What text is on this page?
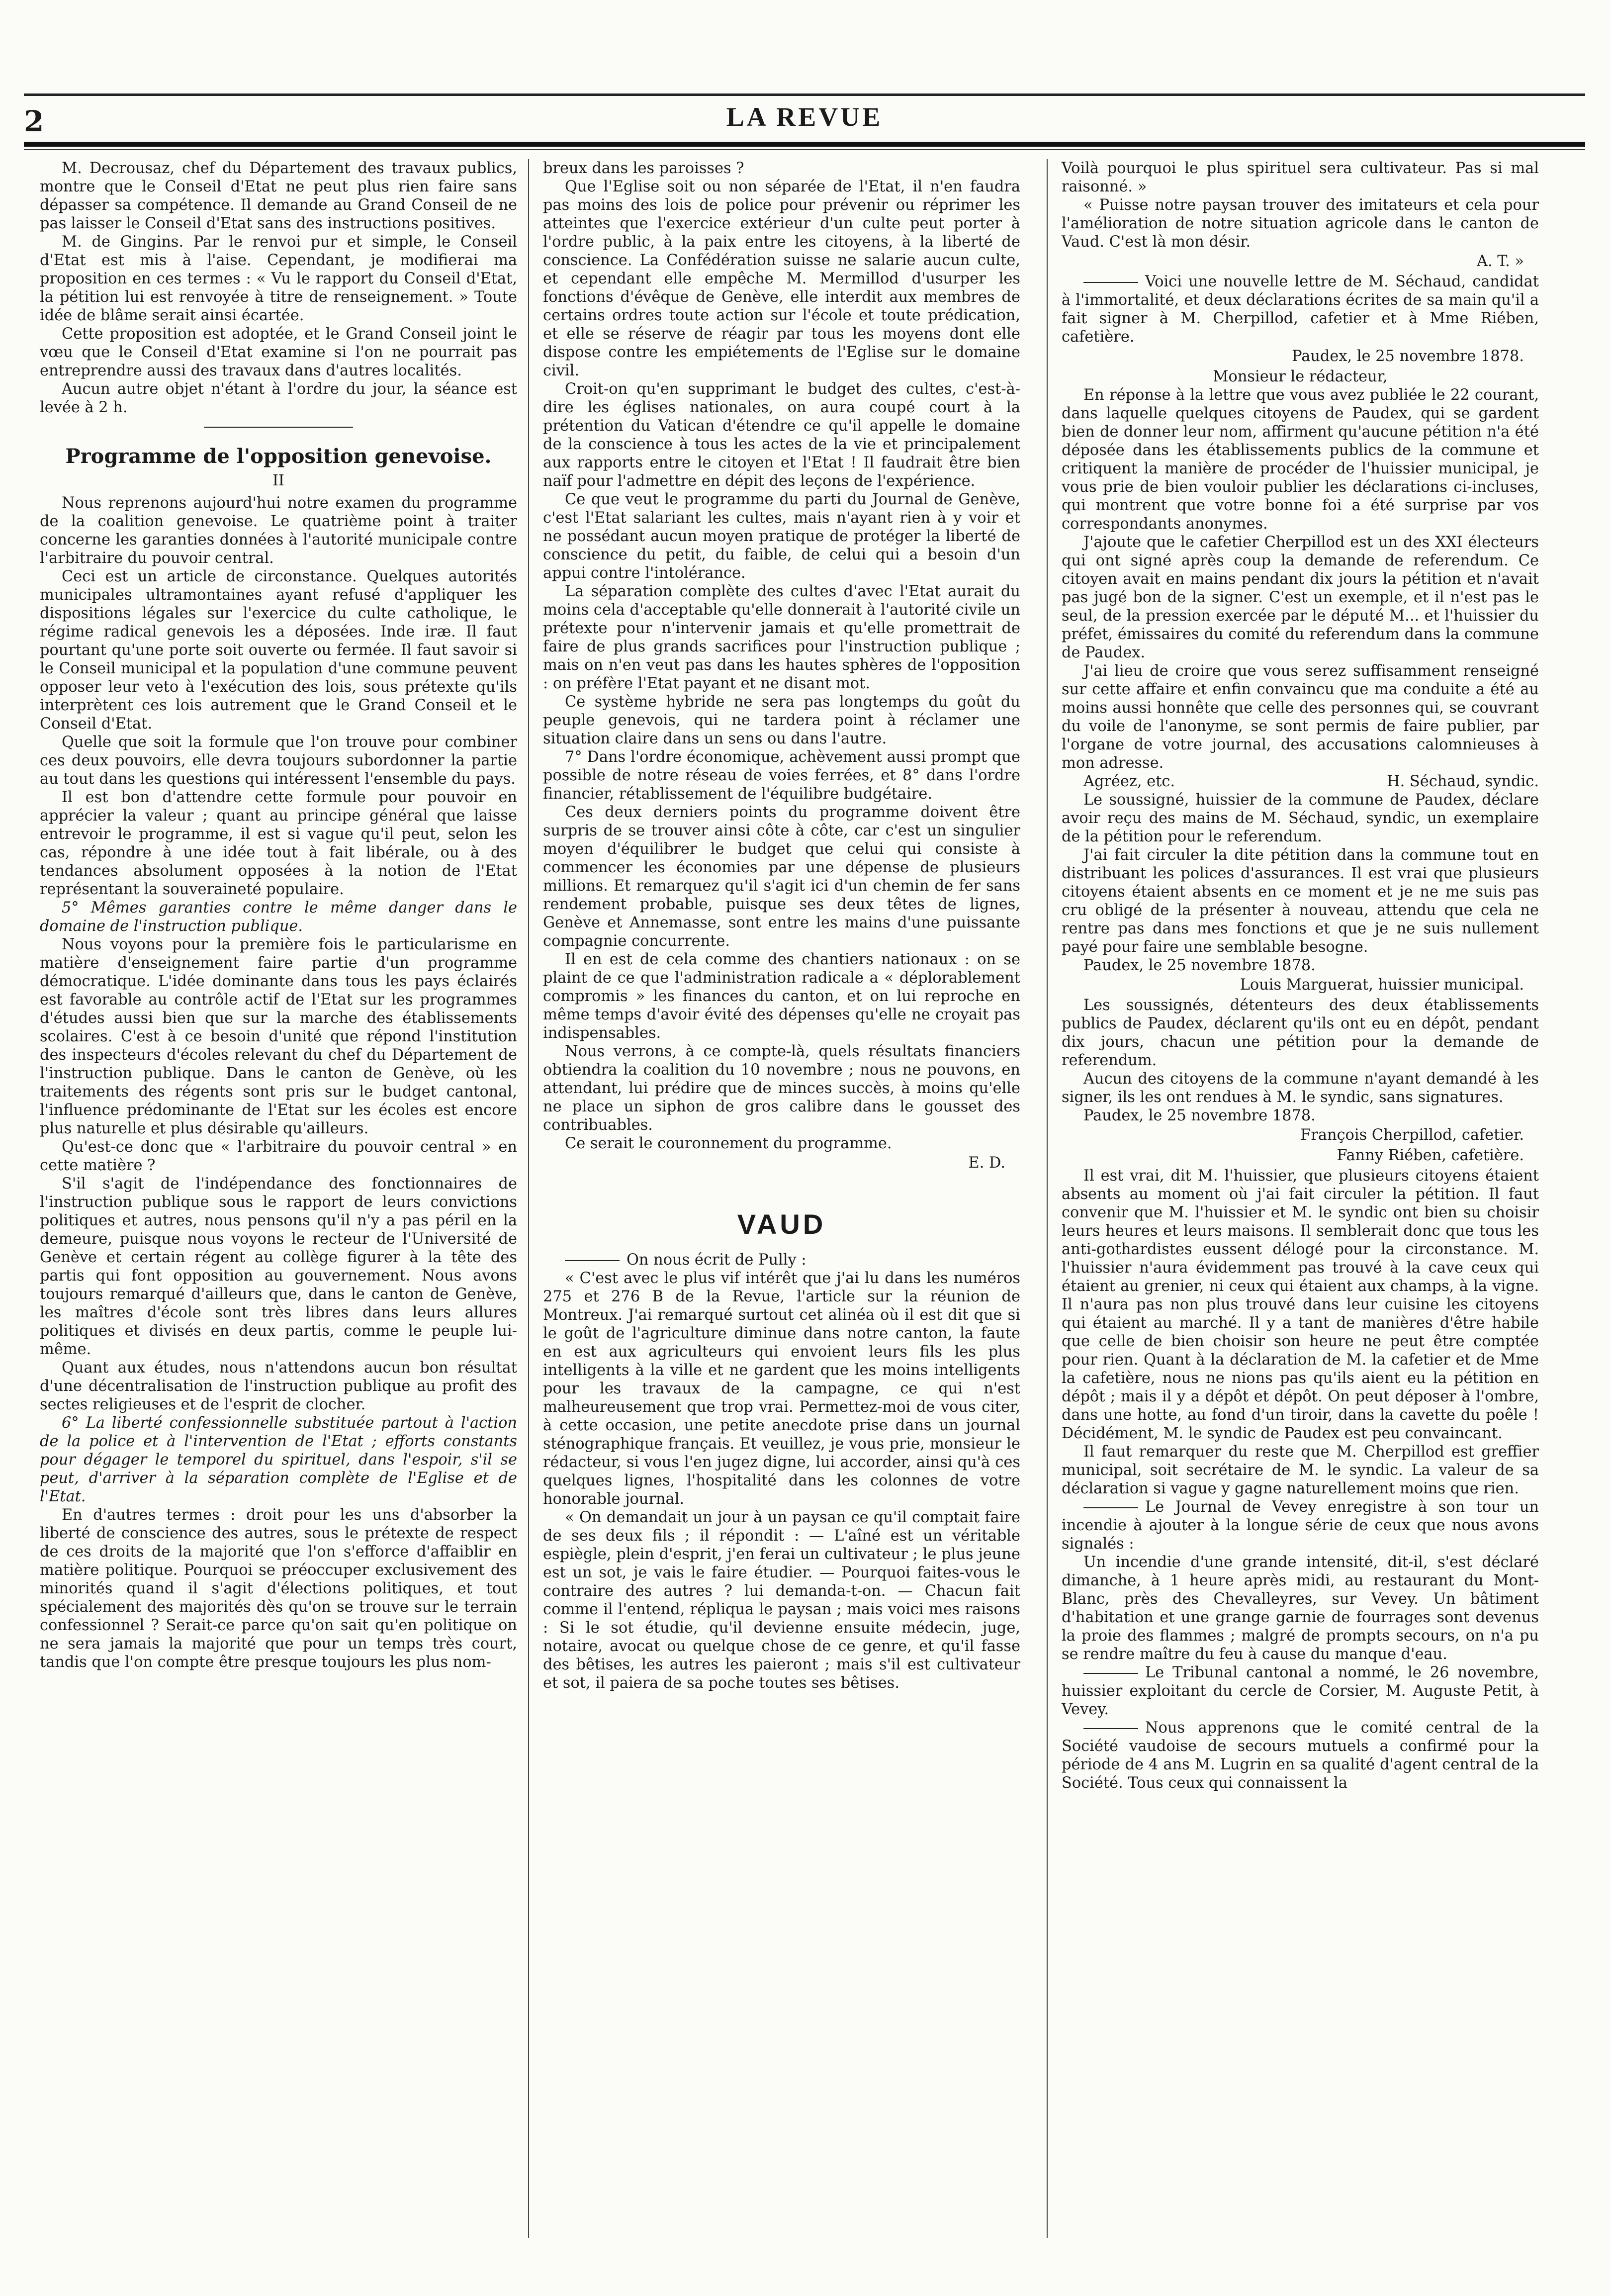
2	LA REVUE

M. Decrousaz, chef du Département des travaux publics, montre que le Conseil d'Etat ne peut plus rien faire sans dépasser sa compétence. Il demande au Grand Conseil de ne pas laisser le Conseil d'Etat sans des instructions positives.

M. de Gingins. Par le renvoi pur et simple, le Conseil d'Etat est mis à l'aise. Cependant, je modifierai ma proposition en ces termes : « Vu le rapport du Conseil d'Etat, la pétition lui est renvoyée à titre de renseignement. » Toute idée de blâme serait ainsi écartée.

Cette proposition est adoptée, et le Grand Conseil joint le vœu que le Conseil d'Etat examine si l'on ne pourrait pas entreprendre aussi des travaux dans d'autres localités.

Aucun autre objet n'étant à l'ordre du jour, la séance est levée à 2 h.

Programme de l'opposition genevoise.
II

Nous reprenons aujourd'hui notre examen du programme de la coalition genevoise. Le quatrième point à traiter concerne les garanties données à l'autorité municipale contre l'arbitraire du pouvoir central.

Ceci est un article de circonstance. Quelques autorités municipales ultramontaines ayant refusé d'appliquer les dispositions légales sur l'exercice du culte catholique, le régime radical genevois les a déposées. Inde iræ. Il faut pourtant qu'une porte soit ouverte ou fermée. Il faut savoir si le Conseil municipal et la population d'une commune peuvent opposer leur veto à l'exécution des lois, sous prétexte qu'ils interprètent ces lois autrement que le Grand Conseil et le Conseil d'Etat.

Quelle que soit la formule que l'on trouve pour combiner ces deux pouvoirs, elle devra toujours subordonner la partie au tout dans les questions qui intéressent l'ensemble du pays.

Il est bon d'attendre cette formule pour pouvoir en apprécier la valeur ; quant au principe général que laisse entrevoir le programme, il est si vague qu'il peut, selon les cas, répondre à une idée tout à fait libérale, ou à des tendances absolument opposées à la notion de l'Etat représentant la souveraineté populaire.

5° Mêmes garanties contre le même danger dans le domaine de l'instruction publique.

Nous voyons pour la première fois le particularisme en matière d'enseignement faire partie d'un programme démocratique. L'idée dominante dans tous les pays éclairés est favorable au contrôle actif de l'Etat sur les programmes d'études aussi bien que sur la marche des établissements scolaires. C'est à ce besoin d'unité que répond l'institution des inspecteurs d'écoles relevant du chef du Département de l'instruction publique. Dans le canton de Genève, où les traitements des régents sont pris sur le budget cantonal, l'influence prédominante de l'Etat sur les écoles est encore plus naturelle et plus désirable qu'ailleurs.

Qu'est-ce donc que « l'arbitraire du pouvoir central » en cette matière ?

S'il s'agit de l'indépendance des fonctionnaires de l'instruction publique sous le rapport de leurs convictions politiques et autres, nous pensons qu'il n'y a pas péril en la demeure, puisque nous voyons le recteur de l'Université de Genève et certain régent au collège figurer à la tête des partis qui font opposition au gouvernement. Nous avons toujours remarqué d'ailleurs que, dans le canton de Genève, les maîtres d'école sont très libres dans leurs allures politiques et divisés en deux partis, comme le peuple lui-même.

Quant aux études, nous n'attendons aucun bon résultat d'une décentralisation de l'instruction publique au profit des sectes religieuses et de l'esprit de clocher.

6° La liberté confessionnelle substituée partout à l'action de la police et à l'intervention de l'Etat ; efforts constants pour dégager le temporel du spirituel, dans l'espoir, s'il se peut, d'arriver à la séparation complète de l'Eglise et de l'Etat.

En d'autres termes : droit pour les uns d'absorber la liberté de conscience des autres, sous le prétexte de respect de ces droits de la majorité que l'on s'efforce d'affaiblir en matière politique. Pourquoi se préoccuper exclusivement des minorités quand il s'agit d'élections politiques, et tout spécialement des majorités dès qu'on se trouve sur le terrain confessionnel ? Serait-ce parce qu'on sait qu'en politique on ne sera jamais la majorité que pour un temps très court, tandis que l'on compte être presque toujours les plus nom-

breux dans les paroisses ?

Que l'Eglise soit ou non séparée de l'Etat, il n'en faudra pas moins des lois de police pour prévenir ou réprimer les atteintes que l'exercice extérieur d'un culte peut porter à l'ordre public, à la paix entre les citoyens, à la liberté de conscience. La Confédération suisse ne salarie aucun culte, et cependant elle empêche M. Mermillod d'usurper les fonctions d'évêque de Genève, elle interdit aux membres de certains ordres toute action sur l'école et toute prédication, et elle se réserve de réagir par tous les moyens dont elle dispose contre les empiétements de l'Eglise sur le domaine civil.

Croit-on qu'en supprimant le budget des cultes, c'est-à-dire les églises nationales, on aura coupé court à la prétention du Vatican d'étendre ce qu'il appelle le domaine de la conscience à tous les actes de la vie et principalement aux rapports entre le citoyen et l'Etat ! Il faudrait être bien naïf pour l'admettre en dépit des leçons de l'expérience.

Ce que veut le programme du parti du Journal de Genève, c'est l'Etat salariant les cultes, mais n'ayant rien à y voir et ne possédant aucun moyen pratique de protéger la liberté de conscience du petit, du faible, de celui qui a besoin d'un appui contre l'intolérance.

La séparation complète des cultes d'avec l'Etat aurait du moins cela d'acceptable qu'elle donnerait à l'autorité civile un prétexte pour n'intervenir jamais et qu'elle promettrait de faire de plus grands sacrifices pour l'instruction publique ; mais on n'en veut pas dans les hautes sphères de l'opposition : on préfère l'Etat payant et ne disant mot.

Ce système hybride ne sera pas longtemps du goût du peuple genevois, qui ne tardera point à réclamer une situation claire dans un sens ou dans l'autre.

7° Dans l'ordre économique, achèvement aussi prompt que possible de notre réseau de voies ferrées, et 8° dans l'ordre financier, rétablissement de l'équilibre budgétaire.

Ces deux derniers points du programme doivent être surpris de se trouver ainsi côte à côte, car c'est un singulier moyen d'équilibrer le budget que celui qui consiste à commencer les économies par une dépense de plusieurs millions. Et remarquez qu'il s'agit ici d'un chemin de fer sans rendement probable, puisque ses deux têtes de lignes, Genève et Annemasse, sont entre les mains d'une puissante compagnie concurrente.

Il en est de cela comme des chantiers nationaux : on se plaint de ce que l'administration radicale a « déplorablement compromis » les finances du canton, et on lui reproche en même temps d'avoir évité des dépenses qu'elle ne croyait pas indispensables.

Nous verrons, à ce compte-là, quels résultats financiers obtiendra la coalition du 10 novembre ; nous ne pouvons, en attendant, lui prédire que de minces succès, à moins qu'elle ne place un siphon de gros calibre dans le gousset des contribuables.

Ce serait le couronnement du programme.

E. D.
VAUD

On nous écrit de Pully :

« C'est avec le plus vif intérêt que j'ai lu dans les numéros 275 et 276 B de la Revue, l'article sur la réunion de Montreux. J'ai remarqué surtout cet alinéa où il est dit que si le goût de l'agriculture diminue dans notre canton, la faute en est aux agriculteurs qui envoient leurs fils les plus intelligents à la ville et ne gardent que les moins intelligents pour les travaux de la campagne, ce qui n'est malheureusement que trop vrai. Permettez-moi de vous citer, à cette occasion, une petite anecdote prise dans un journal sténographique français. Et veuillez, je vous prie, monsieur le rédacteur, si vous l'en jugez digne, lui accorder, ainsi qu'à ces quelques lignes, l'hospitalité dans les colonnes de votre honorable journal.

« On demandait un jour à un paysan ce qu'il comptait faire de ses deux fils ; il répondit : — L'aîné est un véritable espiègle, plein d'esprit, j'en ferai un cultivateur ; le plus jeune est un sot, je vais le faire étudier. — Pourquoi faites-vous le contraire des autres ? lui demanda-t-on. — Chacun fait comme il l'entend, répliqua le paysan ; mais voici mes raisons : Si le sot étudie, qu'il devienne ensuite médecin, juge, notaire, avocat ou quelque chose de ce genre, et qu'il fasse des bêtises, les autres les paieront ; mais s'il est cultivateur et sot, il paiera de sa poche toutes ses bêtises.

Voilà pourquoi le plus spirituel sera cultivateur. Pas si mal raisonné. »

« Puisse notre paysan trouver des imitateurs et cela pour l'amélioration de notre situation agricole dans le canton de Vaud. C'est là mon désir.

A. T. »

Voici une nouvelle lettre de M. Séchaud, candidat à l'immortalité, et deux déclarations écrites de sa main qu'il a fait signer à M. Cherpillod, cafetier et à Mme Riében, cafetière.

Paudex, le 25 novembre 1878.

Monsieur le rédacteur,

En réponse à la lettre que vous avez publiée le 22 courant, dans laquelle quelques citoyens de Paudex, qui se gardent bien de donner leur nom, affirment qu'aucune pétition n'a été déposée dans les établissements publics de la commune et critiquent la manière de procéder de l'huissier municipal, je vous prie de bien vouloir publier les déclarations ci-incluses, qui montrent que votre bonne foi a été surprise par vos correspondants anonymes.

J'ajoute que le cafetier Cherpillod est un des XXI électeurs qui ont signé après coup la demande de referendum. Ce citoyen avait en mains pendant dix jours la pétition et n'avait pas jugé bon de la signer. C'est un exemple, et il n'est pas le seul, de la pression exercée par le député M... et l'huissier du préfet, émissaires du comité du referendum dans la commune de Paudex.

J'ai lieu de croire que vous serez suffisamment renseigné sur cette affaire et enfin convaincu que ma conduite a été au moins aussi honnête que celle des personnes qui, se couvrant du voile de l'anonyme, se sont permis de faire publier, par l'organe de votre journal, des accusations calomnieuses à mon adresse.

Agréez, etc.	H. Séchaud, syndic.

Le soussigné, huissier de la commune de Paudex, déclare avoir reçu des mains de M. Séchaud, syndic, un exemplaire de la pétition pour le referendum.

J'ai fait circuler la dite pétition dans la commune tout en distribuant les polices d'assurances. Il est vrai que plusieurs citoyens étaient absents en ce moment et je ne me suis pas cru obligé de la présenter à nouveau, attendu que cela ne rentre pas dans mes fonctions et que je ne suis nullement payé pour faire une semblable besogne.

Paudex, le 25 novembre 1878.

Louis Marguerat, huissier municipal.

Les soussignés, détenteurs des deux établissements publics de Paudex, déclarent qu'ils ont eu en dépôt, pendant dix jours, chacun une pétition pour la demande de referendum.

Aucun des citoyens de la commune n'ayant demandé à les signer, ils les ont rendues à M. le syndic, sans signatures.

Paudex, le 25 novembre 1878.

François Cherpillod, cafetier.
Fanny Riében, cafetière.

Il est vrai, dit M. l'huissier, que plusieurs citoyens étaient absents au moment où j'ai fait circuler la pétition. Il faut convenir que M. l'huissier et M. le syndic ont bien su choisir leurs heures et leurs maisons. Il semblerait donc que tous les anti-gothardistes eussent délogé pour la circonstance. M. l'huissier n'aura évidemment pas trouvé à la cave ceux qui étaient au grenier, ni ceux qui étaient aux champs, à la vigne. Il n'aura pas non plus trouvé dans leur cuisine les citoyens qui étaient au marché. Il y a tant de manières d'être habile que celle de bien choisir son heure ne peut être comptée pour rien. Quant à la déclaration de M. la cafetier et de Mme la cafetière, nous ne nions pas qu'ils aient eu la pétition en dépôt ; mais il y a dépôt et dépôt. On peut déposer à l'ombre, dans une hotte, au fond d'un tiroir, dans la cavette du poêle ! Décidément, M. le syndic de Paudex est peu convaincant.

Il faut remarquer du reste que M. Cherpillod est greffier municipal, soit secrétaire de M. le syndic. La valeur de sa déclaration si vague y gagne naturellement moins que rien.

Le Journal de Vevey enregistre à son tour un incendie à ajouter à la longue série de ceux que nous avons signalés :

Un incendie d'une grande intensité, dit-il, s'est déclaré dimanche, à 1 heure après midi, au restaurant du Mont-Blanc, près des Chevalleyres, sur Vevey. Un bâtiment d'habitation et une grange garnie de fourrages sont devenus la proie des flammes ; malgré de prompts secours, on n'a pu se rendre maître du feu à cause du manque d'eau.

Le Tribunal cantonal a nommé, le 26 novembre, huissier exploitant du cercle de Corsier, M. Auguste Petit, à Vevey.

Nous apprenons que le comité central de la Société vaudoise de secours mutuels a confirmé pour la période de 4 ans M. Lugrin en sa qualité d'agent central de la Société. Tous ceux qui connaissent la
